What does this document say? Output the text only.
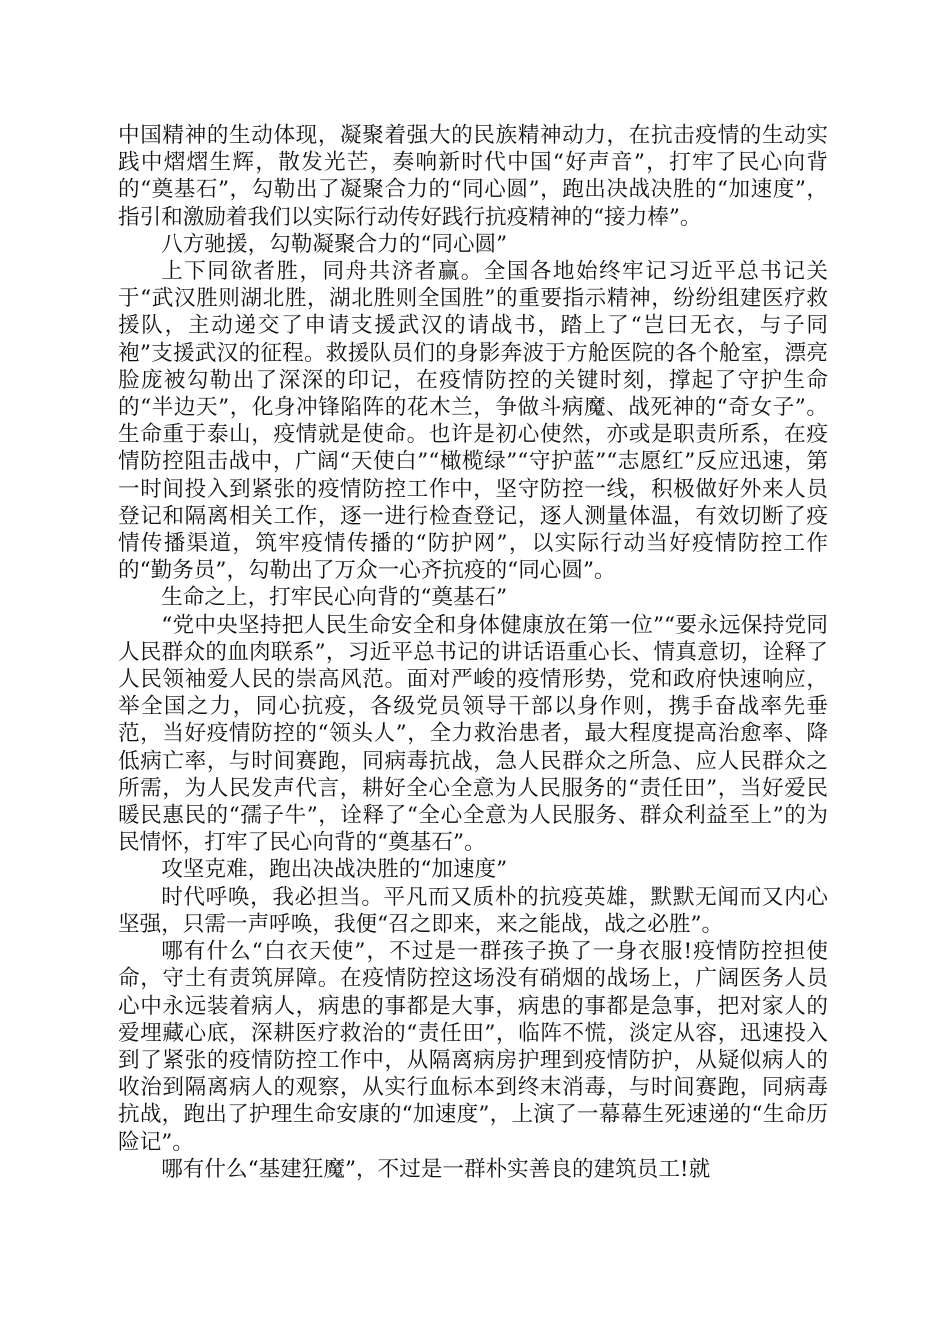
中国精神的生动体现，凝聚着强大的民族精神动力，在抗击疫情的生动实践中熠熠生辉，散发光芒，奏响新时代中国“好声音”，打牢了民心向背的“奠基石”，勾勒出了凝聚合力的“同心圆”，跑出决战决胜的“加速度”，指引和激励着我们以实际行动传好践行抗疫精神的“接力棒”。

八方驰援，勾勒凝聚合力的“同心圆”

上下同欲者胜，同舟共济者赢。全国各地始终牢记习近平总书记关于“武汉胜则湖北胜，湖北胜则全国胜”的重要指示精神，纷纷组建医疗救援队，主动递交了申请支援武汉的请战书，踏上了“岂曰无衣，与子同袍”支援武汉的征程。救援队员们的身影奔波于方舱医院的各个舱室，漂亮脸庞被勾勒出了深深的印记，在疫情防控的关键时刻，撑起了守护生命的“半边天”，化身冲锋陷阵的花木兰，争做斗病魔、战死神的“奇女子”。生命重于泰山，疫情就是使命。也许是初心使然，亦或是职责所系，在疫情防控阻击战中，广阔“天使白”“橄榄绿”“守护蓝”“志愿红”反应迅速，第一时间投入到紧张的疫情防控工作中，坚守防控一线，积极做好外来人员登记和隔离相关工作，逐一进行检查登记，逐人测量体温，有效切断了疫情传播渠道，筑牢疫情传播的“防护网”，以实际行动当好疫情防控工作的“勤务员”，勾勒出了万众一心齐抗疫的“同心圆”。

生命之上，打牢民心向背的“奠基石”

“党中央坚持把人民生命安全和身体健康放在第一位”“要永远保持党同人民群众的血肉联系”，习近平总书记的讲话语重心长、情真意切，诠释了人民领袖爱人民的崇高风范。面对严峻的疫情形势，党和政府快速响应，举全国之力，同心抗疫，各级党员领导干部以身作则，携手奋战率先垂范，当好疫情防控的“领头人”，全力救治患者，最大程度提高治愈率、降低病亡率，与时间赛跑，同病毒抗战，急人民群众之所急、应人民群众之所需，为人民发声代言，耕好全心全意为人民服务的“责任田”，当好爱民暖民惠民的“孺子牛”，诠释了“全心全意为人民服务、群众利益至上”的为民情怀，打牢了民心向背的“奠基石”。

攻坚克难，跑出决战决胜的“加速度”

时代呼唤，我必担当。平凡而又质朴的抗疫英雄，默默无闻而又内心坚强，只需一声呼唤，我便“召之即来，来之能战，战之必胜”。

哪有什么“白衣天使”，不过是一群孩子换了一身衣服!疫情防控担使命，守土有责筑屏障。在疫情防控这场没有硝烟的战场上，广阔医务人员心中永远装着病人，病患的事都是大事，病患的事都是急事，把对家人的爱埋藏心底，深耕医疗救治的“责任田”，临阵不慌，淡定从容，迅速投入到了紧张的疫情防控工作中，从隔离病房护理到疫情防护，从疑似病人的收治到隔离病人的观察，从实行血标本到终末消毒，与时间赛跑，同病毒抗战，跑出了护理生命安康的“加速度”，上演了一幕幕生死速递的“生命历险记”。

哪有什么“基建狂魔”，不过是一群朴实善良的建筑员工!就
